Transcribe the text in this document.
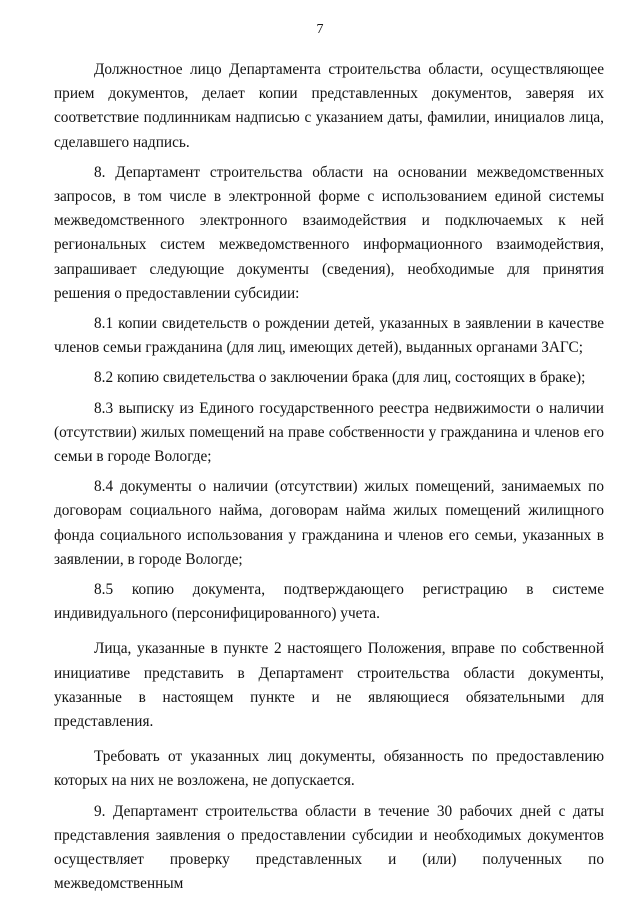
7

Должностное лицо Департамента строительства области, осуществляющее прием документов, делает копии представленных документов, заверяя их соответствие подлинникам надписью с указанием даты, фамилии, инициалов лица, сделавшего надпись.

8. Департамент строительства области на основании межведомственных запросов, в том числе в электронной форме с использованием единой системы межведомственного электронного взаимодействия и подключаемых к ней региональных систем межведомственного информационного взаимодействия, запрашивает следующие документы (сведения), необходимые для принятия решения о предоставлении субсидии:

8.1 копии свидетельств о рождении детей, указанных в заявлении в качестве членов семьи гражданина (для лиц, имеющих детей), выданных органами ЗАГС;

8.2 копию свидетельства о заключении брака (для лиц, состоящих в браке);

8.3 выписку из Единого государственного реестра недвижимости о наличии (отсутствии) жилых помещений на праве собственности у гражданина и членов его семьи в городе Вологде;

8.4 документы о наличии (отсутствии) жилых помещений, занимаемых по договорам социального найма, договорам найма жилых помещений жилищного фонда социального использования у гражданина и членов его семьи, указанных в заявлении, в городе Вологде;

8.5 копию документа, подтверждающего регистрацию в системе индивидуального (персонифицированного) учета.

Лица, указанные в пункте 2 настоящего Положения, вправе по собственной инициативе представить в Департамент строительства области документы, указанные в настоящем пункте и не являющиеся обязательными для представления.

Требовать от указанных лиц документы, обязанность по предоставлению которых на них не возложена, не допускается.

9. Департамент строительства области в течение 30 рабочих дней с даты представления заявления о предоставлении субсидии и необходимых документов осуществляет проверку представленных и (или) полученных по межведомственным
